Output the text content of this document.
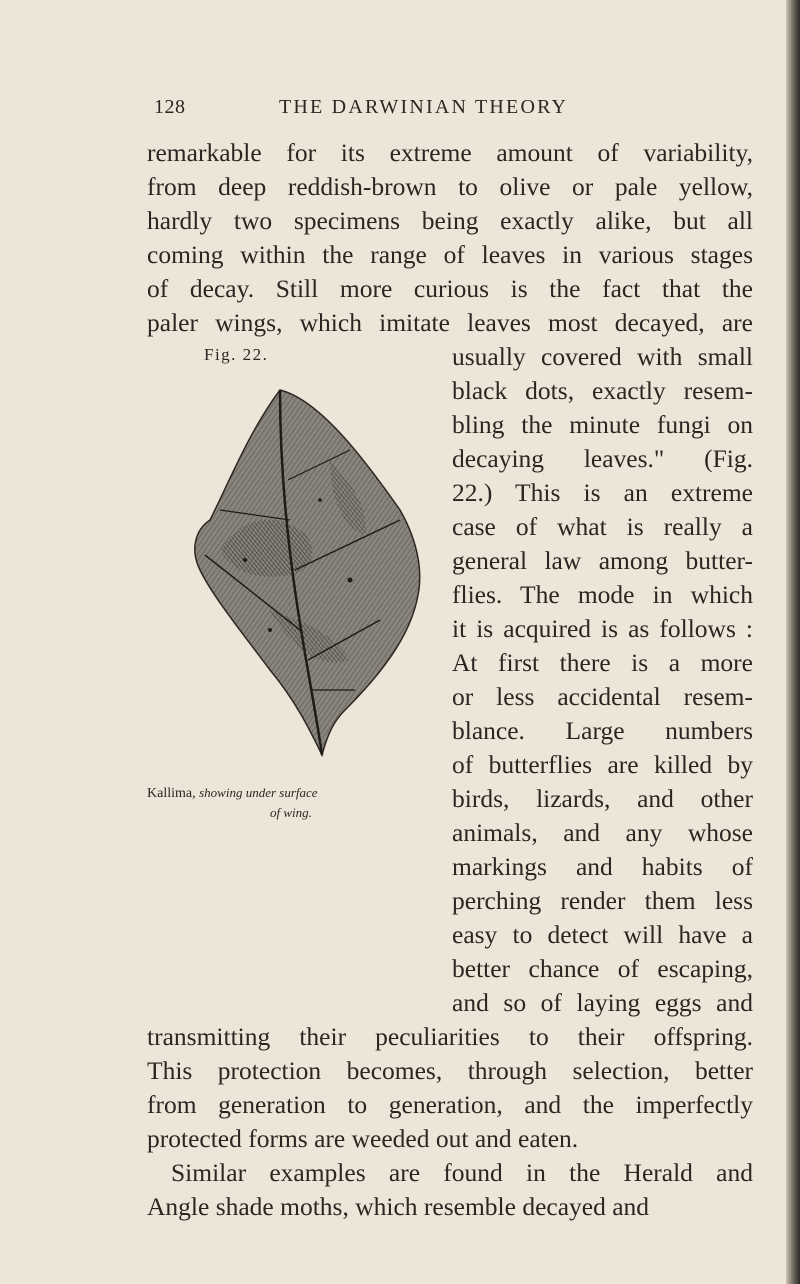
128	THE DARWINIAN THEORY
remarkable for its extreme amount of variability,
from deep reddish-brown to olive or pale yellow,
hardly two specimens being exactly alike, but all
coming within the range of leaves in various stages
of decay. Still more curious is the fact that the
paler wings, which imitate leaves most decayed, are
usually covered with small
black dots, exactly resem-
bling the minute fungi on
decaying leaves." (Fig.
22.) This is an extreme
case of what is really a
general law among butter-
flies. The mode in which
it is acquired is as follows :
At first there is a more
or less accidental resem-
blance. Large numbers
of butterflies are killed by
birds, lizards, and other
animals, and any whose
markings and habits of
perching render them less
easy to detect will have a
better chance of escaping,
and so of laying eggs and
transmitting their peculiarities to their offspring.
This protection becomes, through selection, better
from generation to generation, and the imperfectly
protected forms are weeded out and eaten.
Similar examples are found in the Herald and
Angle shade moths, which resemble decayed and
Fig. 22.
Kallima, showing under surface
of wing.
